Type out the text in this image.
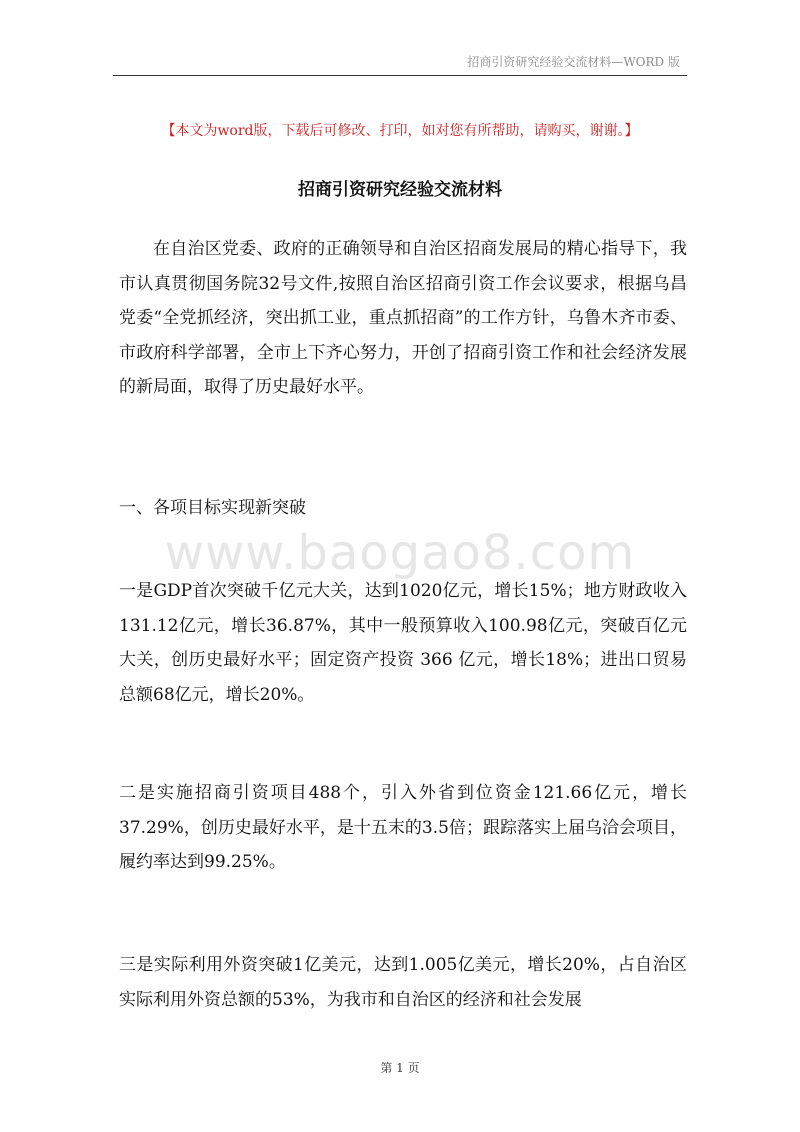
招商引资研究经验交流材料—WORD 版
【本文为word版，下载后可修改、打印，如对您有所帮助，请购买，谢谢。】
招商引资研究经验交流材料

在自治区党委、政府的正确领导和自治区招商发展局的精心指导下，我市认真贯彻国务院32号文件,按照自治区招商引资工作会议要求，根据乌昌党委“全党抓经济，突出抓工业，重点抓招商”的工作方针，乌鲁木齐市委、市政府科学部署，全市上下齐心努力，开创了招商引资工作和社会经济发展的新局面，取得了历史最好水平。

一、各项目标实现新突破
www.baogao8.com

一是GDP首次突破千亿元大关，达到1020亿元，增长15%；地方财政收入131.12亿元，增长36.87%，其中一般预算收入100.98亿元，突破百亿元大关，创历史最好水平；固定资产投资 366 亿元，增长18%；进出口贸易总额68亿元，增长20%。

二是实施招商引资项目488个，引入外省到位资金121.66亿元，增长37.29%，创历史最好水平，是十五末的3.5倍；跟踪落实上届乌洽会项目，履约率达到99.25%。

三是实际利用外资突破1亿美元，达到1.005亿美元，增长20%，占自治区实际利用外资总额的53%，为我市和自治区的经济和社会发展

第 1 页
